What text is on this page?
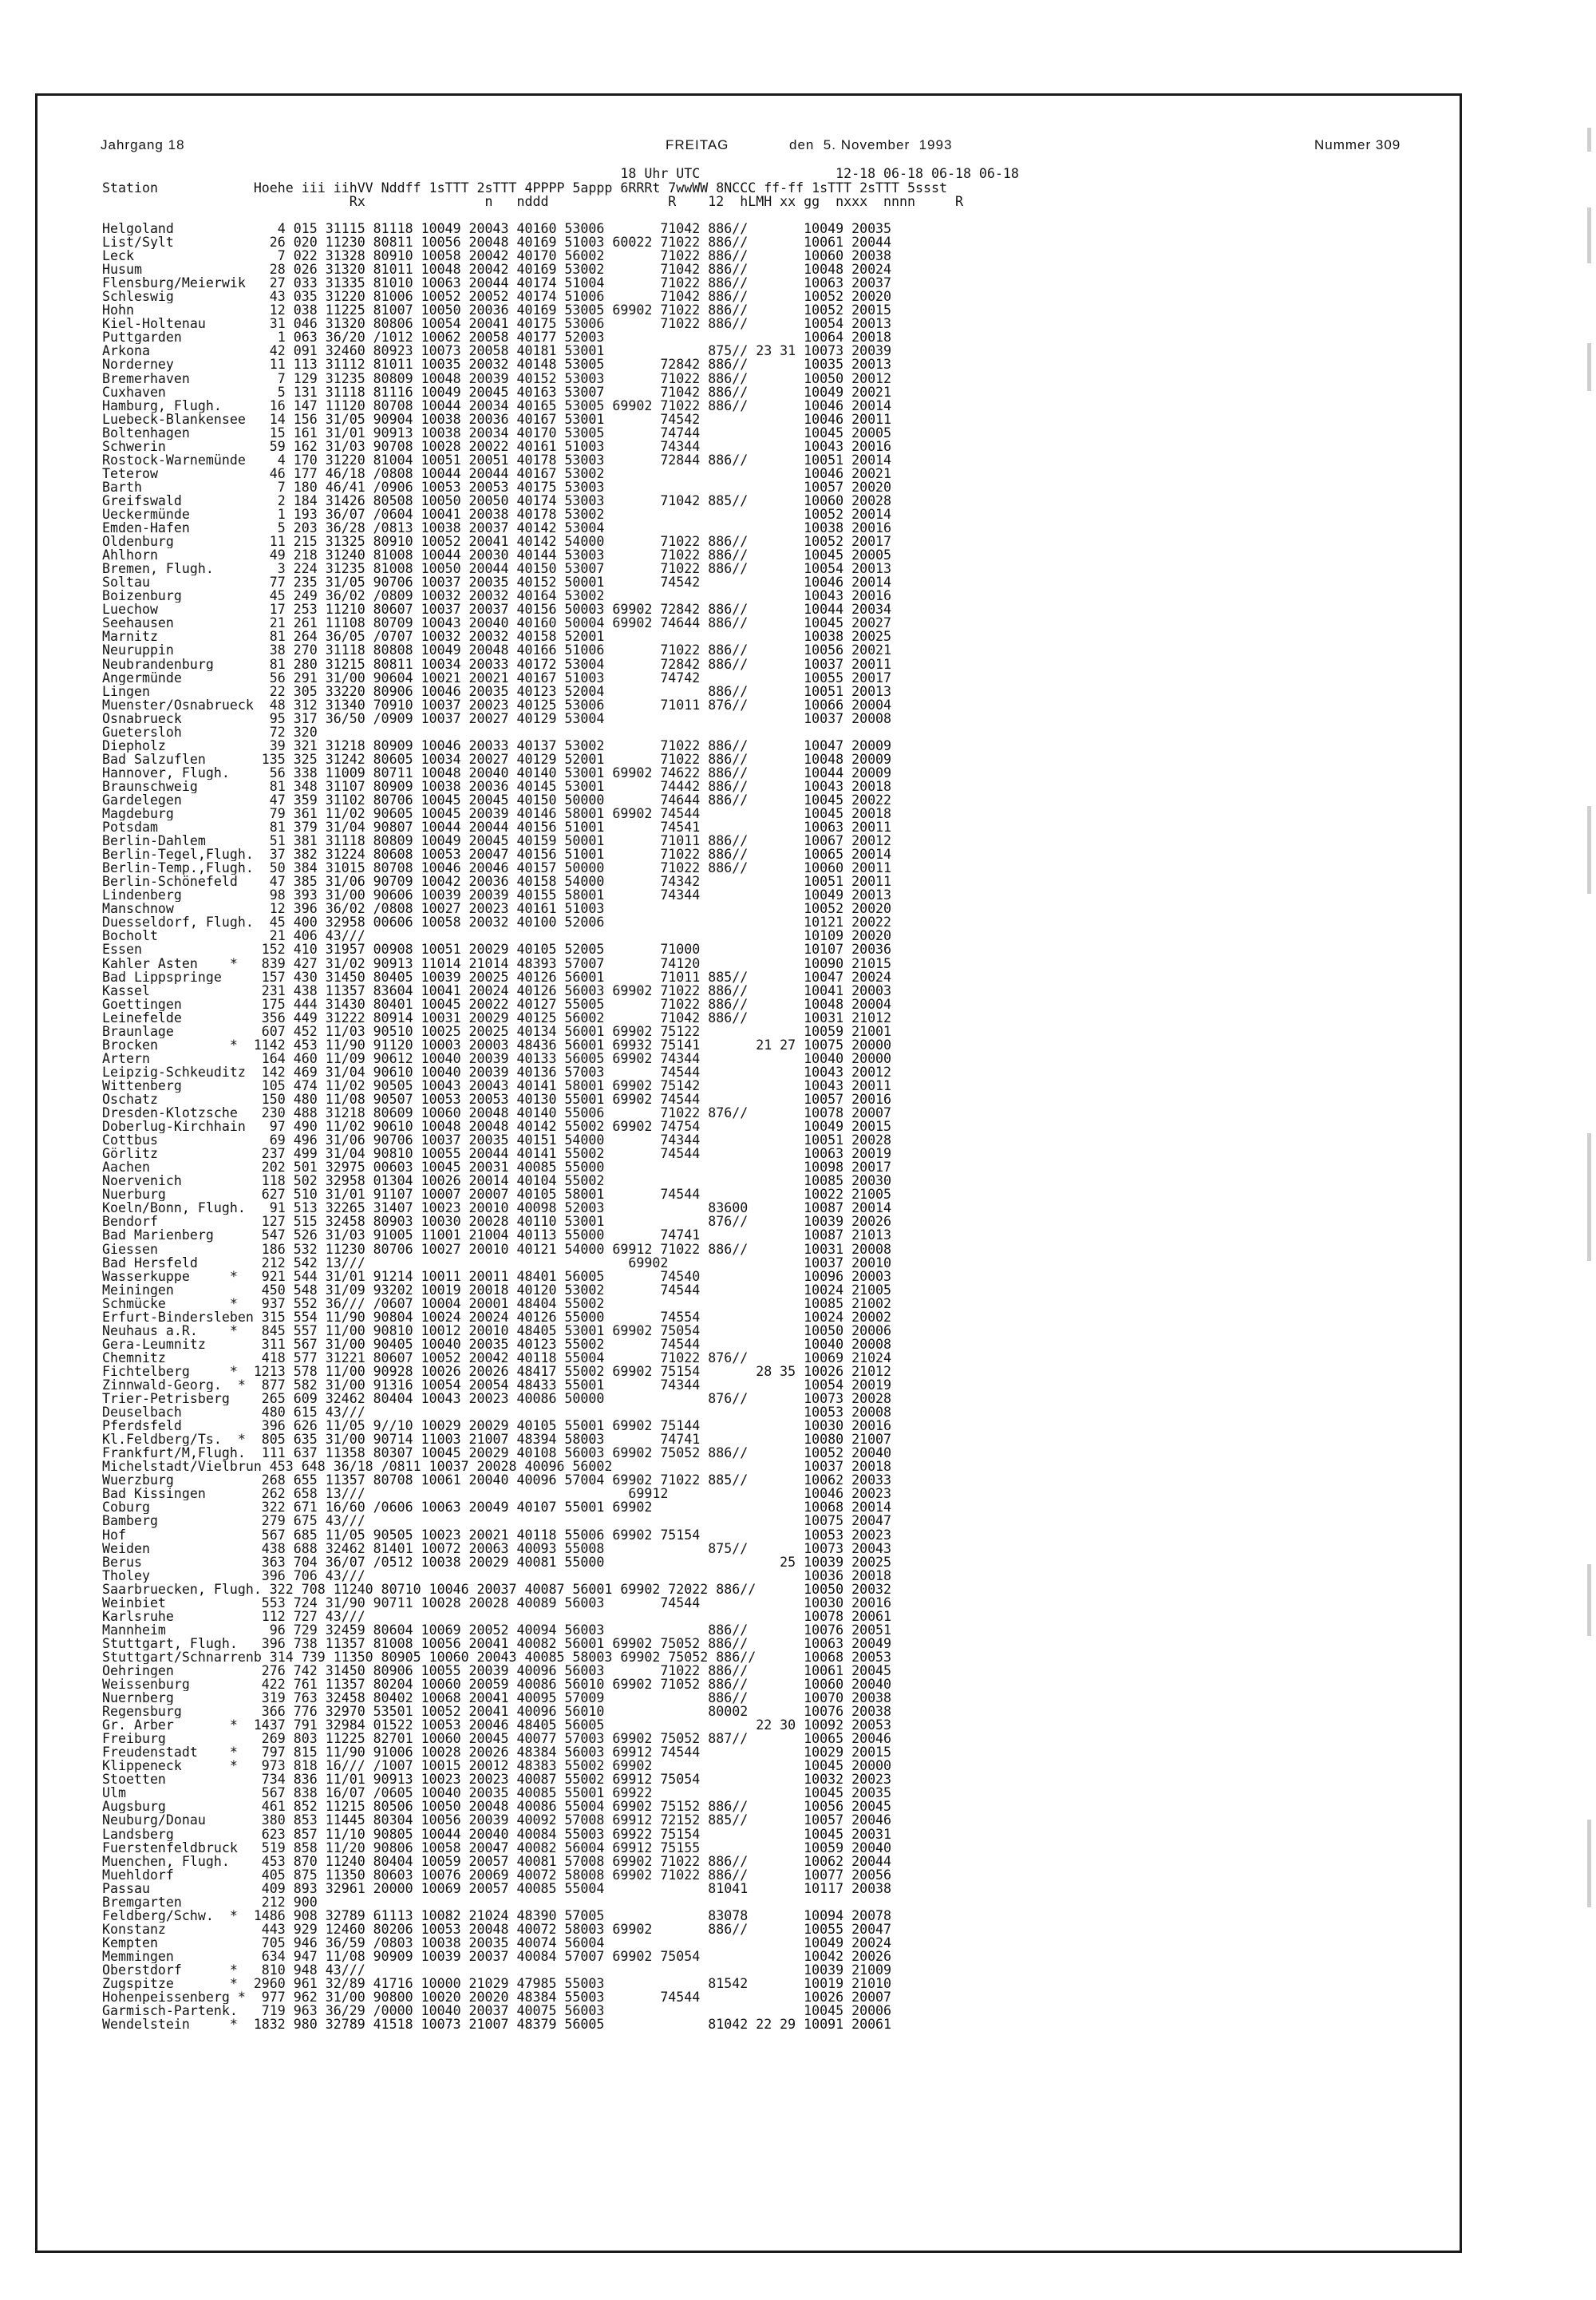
Jahrgang 18	FREITAG	den  5. November  1993	Nummer 309
18 Uhr UTC                 12-18 06-18 06-18 06-18
Station            Hoehe iii iihVV Nddff 1sTTT 2sTTT 4PPPP 5appp 6RRRt 7wwWW 8NCCC ff-ff 1sTTT 2sTTT 5ssst
Rx               n   nddd               R    12  hLMH xx gg  nxxx  nnnn     R
Helgoland             4 015 31115 81118 10049 20043 40160 53006       71042 886//       10049 20035
List/Sylt            26 020 11230 80811 10056 20048 40169 51003 60022 71022 886//       10061 20044
Leck                  7 022 31328 80910 10058 20042 40170 56002       71022 886//       10060 20038
Husum                28 026 31320 81011 10048 20042 40169 53002       71042 886//       10048 20024
Flensburg/Meierwik   27 033 31335 81010 10063 20044 40174 51004       71022 886//       10063 20037
Schleswig            43 035 31220 81006 10052 20052 40174 51006       71042 886//       10052 20020
Hohn                 12 038 11225 81007 10050 20036 40169 53005 69902 71022 886//       10052 20015
Kiel-Holtenau        31 046 31320 80806 10054 20041 40175 53006       71022 886//       10054 20013
Puttgarden            1 063 36/20 /1012 10062 20058 40177 52003                         10064 20018
Arkona               42 091 32460 80923 10073 20058 40181 53001             875// 23 31 10073 20039
Norderney            11 113 31112 81011 10035 20032 40148 53005       72842 886//       10035 20013
Bremerhaven           7 129 31235 80809 10048 20039 40152 53003       71022 886//       10050 20012
Cuxhaven              5 131 31118 81116 10049 20045 40163 53007       71042 886//       10049 20021
Hamburg, Flugh.      16 147 11120 80708 10044 20034 40165 53005 69902 71022 886//       10046 20014
Luebeck-Blankensee   14 156 31/05 90904 10038 20036 40167 53001       74542             10046 20011
Boltenhagen          15 161 31/01 90913 10038 20034 40170 53005       74744             10045 20005
Schwerin             59 162 31/03 90708 10028 20022 40161 51003       74344             10043 20016
Rostock-Warnemünde    4 170 31220 81004 10051 20051 40178 53003       72844 886//       10051 20014
Teterow              46 177 46/18 /0808 10044 20044 40167 53002                         10046 20021
Barth                 7 180 46/41 /0906 10053 20053 40175 53003                         10057 20020
Greifswald            2 184 31426 80508 10050 20050 40174 53003       71042 885//       10060 20028
Ueckermünde           1 193 36/07 /0604 10041 20038 40178 53002                         10052 20014
Emden-Hafen           5 203 36/28 /0813 10038 20037 40142 53004                         10038 20016
Oldenburg            11 215 31325 80910 10052 20041 40142 54000       71022 886//       10052 20017
Ahlhorn              49 218 31240 81008 10044 20030 40144 53003       71022 886//       10045 20005
Bremen, Flugh.        3 224 31235 81008 10050 20044 40150 53007       71022 886//       10054 20013
Soltau               77 235 31/05 90706 10037 20035 40152 50001       74542             10046 20014
Boizenburg           45 249 36/02 /0809 10032 20032 40164 53002                         10043 20016
Luechow              17 253 11210 80607 10037 20037 40156 50003 69902 72842 886//       10044 20034
Seehausen            21 261 11108 80709 10043 20040 40160 50004 69902 74644 886//       10045 20027
Marnitz              81 264 36/05 /0707 10032 20032 40158 52001                         10038 20025
Neuruppin            38 270 31118 80808 10049 20048 40166 51006       71022 886//       10056 20021
Neubrandenburg       81 280 31215 80811 10034 20033 40172 53004       72842 886//       10037 20011
Angermünde           56 291 31/00 90604 10021 20021 40167 51003       74742             10055 20017
Lingen               22 305 33220 80906 10046 20035 40123 52004             886//       10051 20013
Muenster/Osnabrueck  48 312 31340 70910 10037 20023 40125 53006       71011 876//       10066 20004
Osnabrueck           95 317 36/50 /0909 10037 20027 40129 53004                         10037 20008
Guetersloh           72 320
Diepholz             39 321 31218 80909 10046 20033 40137 53002       71022 886//       10047 20009
Bad Salzuflen       135 325 31242 80605 10034 20027 40129 52001       71022 886//       10048 20009
Hannover, Flugh.     56 338 11009 80711 10048 20040 40140 53001 69902 74622 886//       10044 20009
Braunschweig         81 348 31107 80909 10038 20036 40145 53001       74442 886//       10043 20018
Gardelegen           47 359 31102 80706 10045 20045 40150 50000       74644 886//       10045 20022
Magdeburg            79 361 11/02 90605 10045 20039 40146 58001 69902 74544             10045 20018
Potsdam              81 379 31/04 90807 10044 20044 40156 51001       74541             10063 20011
Berlin-Dahlem        51 381 31118 80809 10049 20045 40159 50001       71011 886//       10067 20012
Berlin-Tegel,Flugh.  37 382 31224 80608 10053 20047 40156 51001       71022 886//       10065 20014
Berlin-Temp.,Flugh.  50 384 31015 80708 10046 20046 40157 50000       71022 886//       10060 20011
Berlin-Schönefeld    47 385 31/06 90709 10042 20036 40158 54000       74342             10051 20011
Lindenberg           98 393 31/00 90606 10039 20039 40155 58001       74344             10049 20013
Manschnow            12 396 36/02 /0808 10027 20023 40161 51003                         10052 20020
Duesseldorf, Flugh.  45 400 32958 00606 10058 20032 40100 52006                         10121 20022
Bocholt              21 406 43///                                                       10109 20020
Essen               152 410 31957 00908 10051 20029 40105 52005       71000             10107 20036
Kahler Asten    *   839 427 31/02 90913 11014 21014 48393 57007       74120             10090 21015
Bad Lippspringe     157 430 31450 80405 10039 20025 40126 56001       71011 885//       10047 20024
Kassel              231 438 11357 83604 10041 20024 40126 56003 69902 71022 886//       10041 20003
Goettingen          175 444 31430 80401 10045 20022 40127 55005       71022 886//       10048 20004
Leinefelde          356 449 31222 80914 10031 20029 40125 56002       71042 886//       10031 21012
Braunlage           607 452 11/03 90510 10025 20025 40134 56001 69902 75122             10059 21001
Brocken         *  1142 453 11/90 91120 10003 20003 48436 56001 69932 75141       21 27 10075 20000
Artern              164 460 11/09 90612 10040 20039 40133 56005 69902 74344             10040 20000
Leipzig-Schkeuditz  142 469 31/04 90610 10040 20039 40136 57003       74544             10043 20012
Wittenberg          105 474 11/02 90505 10043 20043 40141 58001 69902 75142             10043 20011
Oschatz             150 480 11/08 90507 10053 20053 40130 55001 69902 74544             10057 20016
Dresden-Klotzsche   230 488 31218 80609 10060 20048 40140 55006       71022 876//       10078 20007
Doberlug-Kirchhain   97 490 11/02 90610 10048 20048 40142 55002 69902 74754             10049 20015
Cottbus              69 496 31/06 90706 10037 20035 40151 54000       74344             10051 20028
Görlitz             237 499 31/04 90810 10055 20044 40141 55002       74544             10063 20019
Aachen              202 501 32975 00603 10045 20031 40085 55000                         10098 20017
Noervenich          118 502 32958 01304 10026 20014 40104 55002                         10085 20030
Nuerburg            627 510 31/01 91107 10007 20007 40105 58001       74544             10022 21005
Koeln/Bonn, Flugh.   91 513 32265 31407 10023 20010 40098 52003             83600       10087 20014
Bendorf             127 515 32458 80903 10030 20028 40110 53001             876//       10039 20026
Bad Marienberg      547 526 31/03 91005 11001 21004 40113 55000       74741             10087 21013
Giessen             186 532 11230 80706 10027 20010 40121 54000 69912 71022 886//       10031 20008
Bad Hersfeld        212 542 13///                                 69902                 10037 20010
Wasserkuppe     *   921 544 31/01 91214 10011 20011 48401 56005       74540             10096 20003
Meiningen           450 548 31/09 93202 10019 20018 40120 53002       74544             10024 21005
Schmücke        *   937 552 36/// /0607 10004 20001 48404 55002                         10085 21002
Erfurt-Bindersleben 315 554 11/90 90804 10024 20024 40126 55000       74554             10024 20002
Neuhaus a.R.    *   845 557 11/00 90810 10012 20010 48405 53001 69902 75054             10050 20006
Gera-Leumnitz       311 567 31/00 90405 10040 20035 40123 55002       74544             10040 20008
Chemnitz            418 577 31221 80607 10052 20042 40118 55004       71022 876//       10069 21024
Fichtelberg     *  1213 578 11/00 90928 10026 20026 48417 55002 69902 75154       28 35 10026 21012
Zinnwald-Georg.  *  877 582 31/00 91316 10054 20054 48433 55001       74344             10054 20019
Trier-Petrisberg    265 609 32462 80404 10043 20023 40086 50000             876//       10073 20028
Deuselbach          480 615 43///                                                       10053 20008
Pferdsfeld          396 626 11/05 9//10 10029 20029 40105 55001 69902 75144             10030 20016
Kl.Feldberg/Ts.  *  805 635 31/00 90714 11003 21007 48394 58003       74741             10080 21007
Frankfurt/M,Flugh.  111 637 11358 80307 10045 20029 40108 56003 69902 75052 886//       10052 20040
Michelstadt/Vielbrun 453 648 36/18 /0811 10037 20028 40096 56002                        10037 20018
Wuerzburg           268 655 11357 80708 10061 20040 40096 57004 69902 71022 885//       10062 20033
Bad Kissingen       262 658 13///                                 69912                 10046 20023
Coburg              322 671 16/60 /0606 10063 20049 40107 55001 69902                   10068 20014
Bamberg             279 675 43///                                                       10075 20047
Hof                 567 685 11/05 90505 10023 20021 40118 55006 69902 75154             10053 20023
Weiden              438 688 32462 81401 10072 20063 40093 55008             875//       10073 20043
Berus               363 704 36/07 /0512 10038 20029 40081 55000                      25 10039 20025
Tholey              396 706 43///                                                       10036 20018
Saarbruecken, Flugh. 322 708 11240 80710 10046 20037 40087 56001 69902 72022 886//      10050 20032
Weinbiet            553 724 31/90 90711 10028 20028 40089 56003       74544             10030 20016
Karlsruhe           112 727 43///                                                       10078 20061
Mannheim             96 729 32459 80604 10069 20052 40094 56003             886//       10076 20051
Stuttgart, Flugh.   396 738 11357 81008 10056 20041 40082 56001 69902 75052 886//       10063 20049
Stuttgart/Schnarrenb 314 739 11350 80905 10060 20043 40085 58003 69902 75052 886//      10068 20053
Oehringen           276 742 31450 80906 10055 20039 40096 56003       71022 886//       10061 20045
Weissenburg         422 761 11357 80204 10060 20059 40086 56010 69902 71052 886//       10060 20040
Nuernberg           319 763 32458 80402 10068 20041 40095 57009             886//       10070 20038
Regensburg          366 776 32970 53501 10052 20041 40096 56010             80002       10076 20038
Gr. Arber       *  1437 791 32984 01522 10053 20046 48405 56005                   22 30 10092 20053
Freiburg            269 803 11225 82701 10060 20045 40077 57003 69902 75052 887//       10065 20046
Freudenstadt    *   797 815 11/90 91006 10028 20026 48384 56003 69912 74544             10029 20015
Klippeneck      *   973 818 16/// /1007 10015 20012 48383 55002 69902                   10045 20000
Stoetten            734 836 11/01 90913 10023 20023 40087 55002 69912 75054             10032 20023
Ulm                 567 838 16/07 /0605 10040 20035 40085 55001 69922                   10045 20035
Augsburg            461 852 11215 80506 10050 20048 40086 55004 69902 75152 886//       10056 20045
Neuburg/Donau       380 853 11445 80304 10056 20039 40092 57008 69912 72152 885//       10057 20046
Landsberg           623 857 11/10 90805 10044 20040 40084 55003 69922 75154             10045 20031
Fuerstenfeldbruck   519 858 11/20 90806 10058 20047 40082 56004 69912 75155             10059 20040
Muenchen, Flugh.    453 870 11240 80404 10059 20057 40081 57008 69902 71022 886//       10062 20044
Muehldorf           405 875 11350 80603 10076 20069 40072 58008 69902 71022 886//       10077 20056
Passau              409 893 32961 20000 10069 20057 40085 55004             81041       10117 20038
Bremgarten          212 900
Feldberg/Schw.  *  1486 908 32789 61113 10082 21024 48390 57005             83078       10094 20078
Konstanz            443 929 12460 80206 10053 20048 40072 58003 69902       886//       10055 20047
Kempten             705 946 36/59 /0803 10038 20035 40074 56004                         10049 20024
Memmingen           634 947 11/08 90909 10039 20037 40084 57007 69902 75054             10042 20026
Oberstdorf      *   810 948 43///                                                       10039 21009
Zugspitze       *  2960 961 32/89 41716 10000 21029 47985 55003             81542       10019 21010
Hohenpeissenberg *  977 962 31/00 90800 10020 20020 48384 55003       74544             10026 20007
Garmisch-Partenk.   719 963 36/29 /0000 10040 20037 40075 56003                         10045 20006
Wendelstein     *  1832 980 32789 41518 10073 21007 48379 56005             81042 22 29 10091 20061
